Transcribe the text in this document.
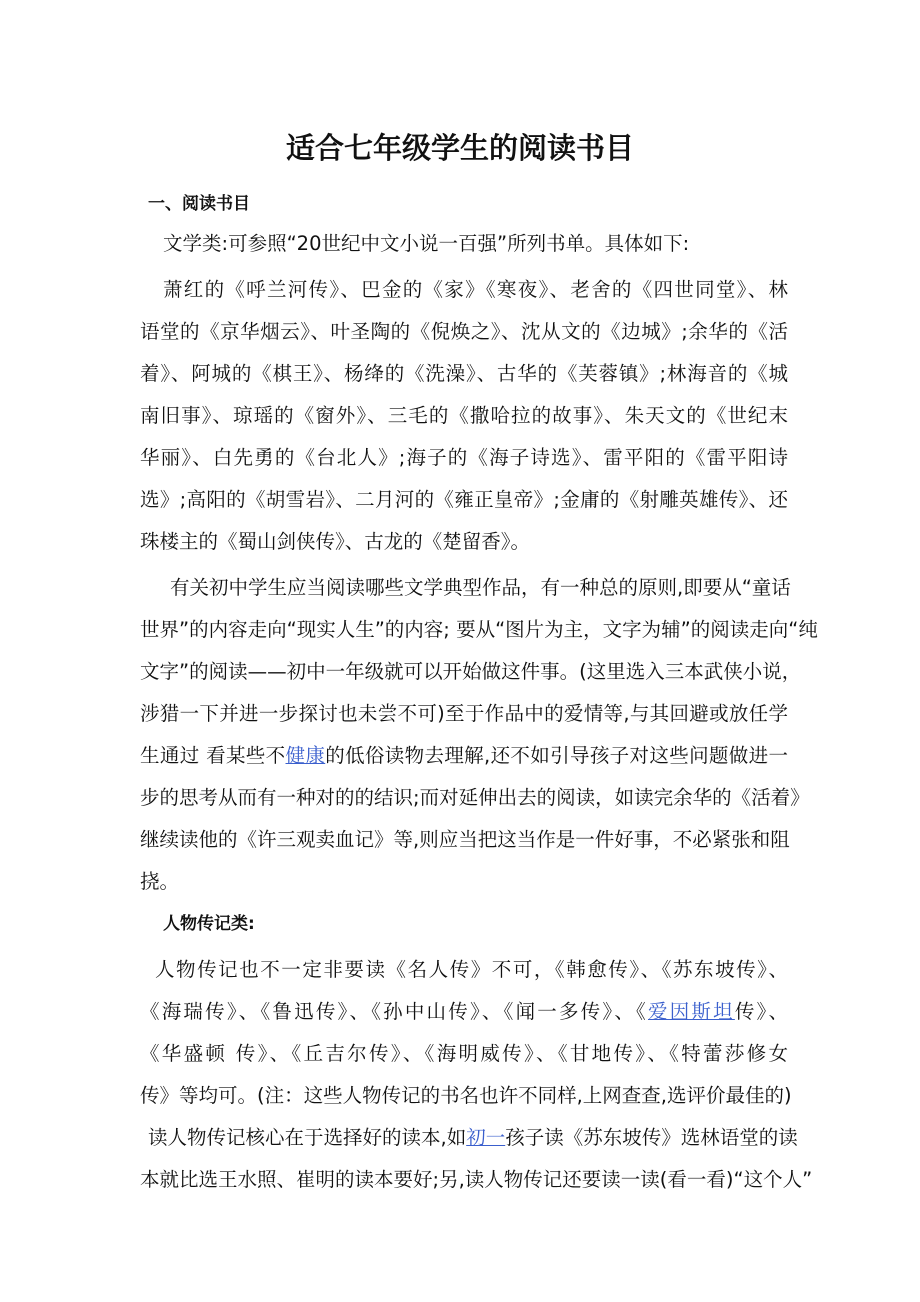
适合七年级学生的阅读书目
一、阅读书目
文学类:可参照“20世纪中文小说一百强”所列书单。具体如下:
萧红的《呼兰河传》、巴金的《家》《寒夜》、老舍的《四世同堂》、林
语堂的《京华烟云》、叶圣陶的《倪焕之》、沈从文的《边城》;余华的《活
着》、阿城的《棋王》、杨绛的《洗澡》、古华的《芙蓉镇》;林海音的《城
南旧事》、琼瑶的《窗外》、三毛的《撒哈拉的故事》、朱天文的《世纪末
华丽》、白先勇的《台北人》;海子的《海子诗选》、雷平阳的《雷平阳诗
选》;高阳的《胡雪岩》、二月河的《雍正皇帝》;金庸的《射雕英雄传》、还
珠楼主的《蜀山剑侠传》、古龙的《楚留香》。
有关初中学生应当阅读哪些文学典型作品，有一种总的原则,即要从“童话
世界”的内容走向“现实人生”的内容; 要从“图片为主，文字为辅”的阅读走向“纯
文字”的阅读——初中一年级就可以开始做这件事。(这里选入三本武侠小说，
涉猎一下并进一步探讨也未尝不可)至于作品中的爱情等,与其回避或放任学
生通过 看某些不健康的低俗读物去理解,还不如引导孩子对这些问题做进一
步的思考从而有一种对的的结识;而对延伸出去的阅读，如读完余华的《活着》
继续读他的《许三观卖血记》等,则应当把这当作是一件好事，不必紧张和阻
挠。
人物传记类:
人物传记也不一定非要读《名人传》不可，《韩愈传》、《苏东坡传》、
《海瑞传》、《鲁迅传》、《孙中山传》、《闻一多传》、《爱因斯坦传》、
《华盛顿 传》、《丘吉尔传》、《海明威传》、《甘地传》、《特蕾莎修女
传》等均可。(注：这些人物传记的书名也许不同样,上网查查,选评价最佳的)
读人物传记核心在于选择好的读本,如初一孩子读《苏东坡传》选林语堂的读
本就比选王水照、崔明的读本要好;另,读人物传记还要读一读(看一看)“这个人”
